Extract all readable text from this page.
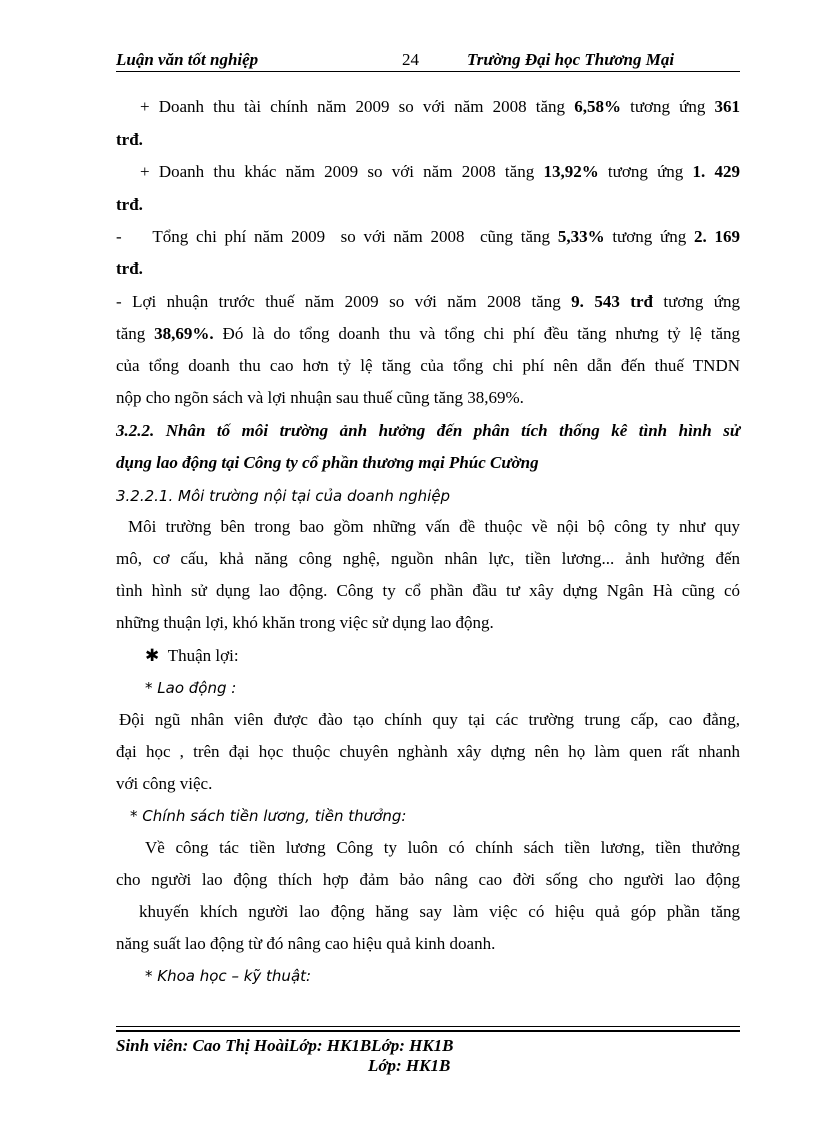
Luận văn tốt nghiệp	24	Trường Đại học Thương Mại
+ Doanh thu tài chính năm 2009 so với năm 2008 tăng 6,58% tương ứng 361
trđ.
+ Doanh thu khác năm 2009 so với năm 2008 tăng 13,92% tương ứng 1. 429
trđ.
-    Tổng chi phí năm 2009  so với năm 2008  cũng tăng 5,33% tương ứng 2. 169
trđ.
- Lợi nhuận trước thuế năm 2009 so với năm 2008 tăng 9. 543 trđ tương ứng
tăng 38,69%. Đó là do tổng doanh thu và tổng chi phí đều tăng nhưng tỷ lệ tăng
của tổng doanh thu cao hơn tỷ lệ tăng của tổng chi phí nên dẫn đến thuế TNDN
nộp cho ngõn sách và lợi nhuận sau thuế cũng tăng 38,69%.
3.2.2. Nhân tố môi trường ảnh hưởng đến phân tích thống kê tình hình sử
dụng lao động tại Công ty cổ phần thương mại Phúc Cường
3.2.2.1. Môi trường nội tại của doanh nghiệp
Môi trường bên trong bao gồm những vấn đề thuộc về nội bộ công ty như quy
mô, cơ cấu, khả năng công nghệ, nguồn nhân lực, tiền lương... ảnh hưởng đến
tình hình sử dụng lao động. Công ty cổ phần đầu tư xây dựng Ngân Hà cũng có
những thuận lợi, khó khăn trong việc sử dụng lao động.
✱ Thuận lợi:
* Lao động :
Đội ngũ nhân viên được đào tạo chính quy tại các trường trung cấp, cao đẳng,
đại học , trên đại học thuộc chuyên nghành xây dựng nên họ làm quen rất nhanh
với công việc.
* Chính sách tiền lương, tiền thưởng:
Về công tác tiền lương Công ty luôn có chính sách tiền lương, tiền thưởng
cho người lao động thích hợp đảm bảo nâng cao đời sống cho người lao động
khuyến khích người lao động hăng say làm việc có hiệu quả góp phần tăng
năng suất lao động từ đó nâng cao hiệu quả kinh doanh.
* Khoa học – kỹ thuật:
Sinh viên: Cao Thị HoàiLớp: HK1BLớp: HK1B
Lớp: HK1B
